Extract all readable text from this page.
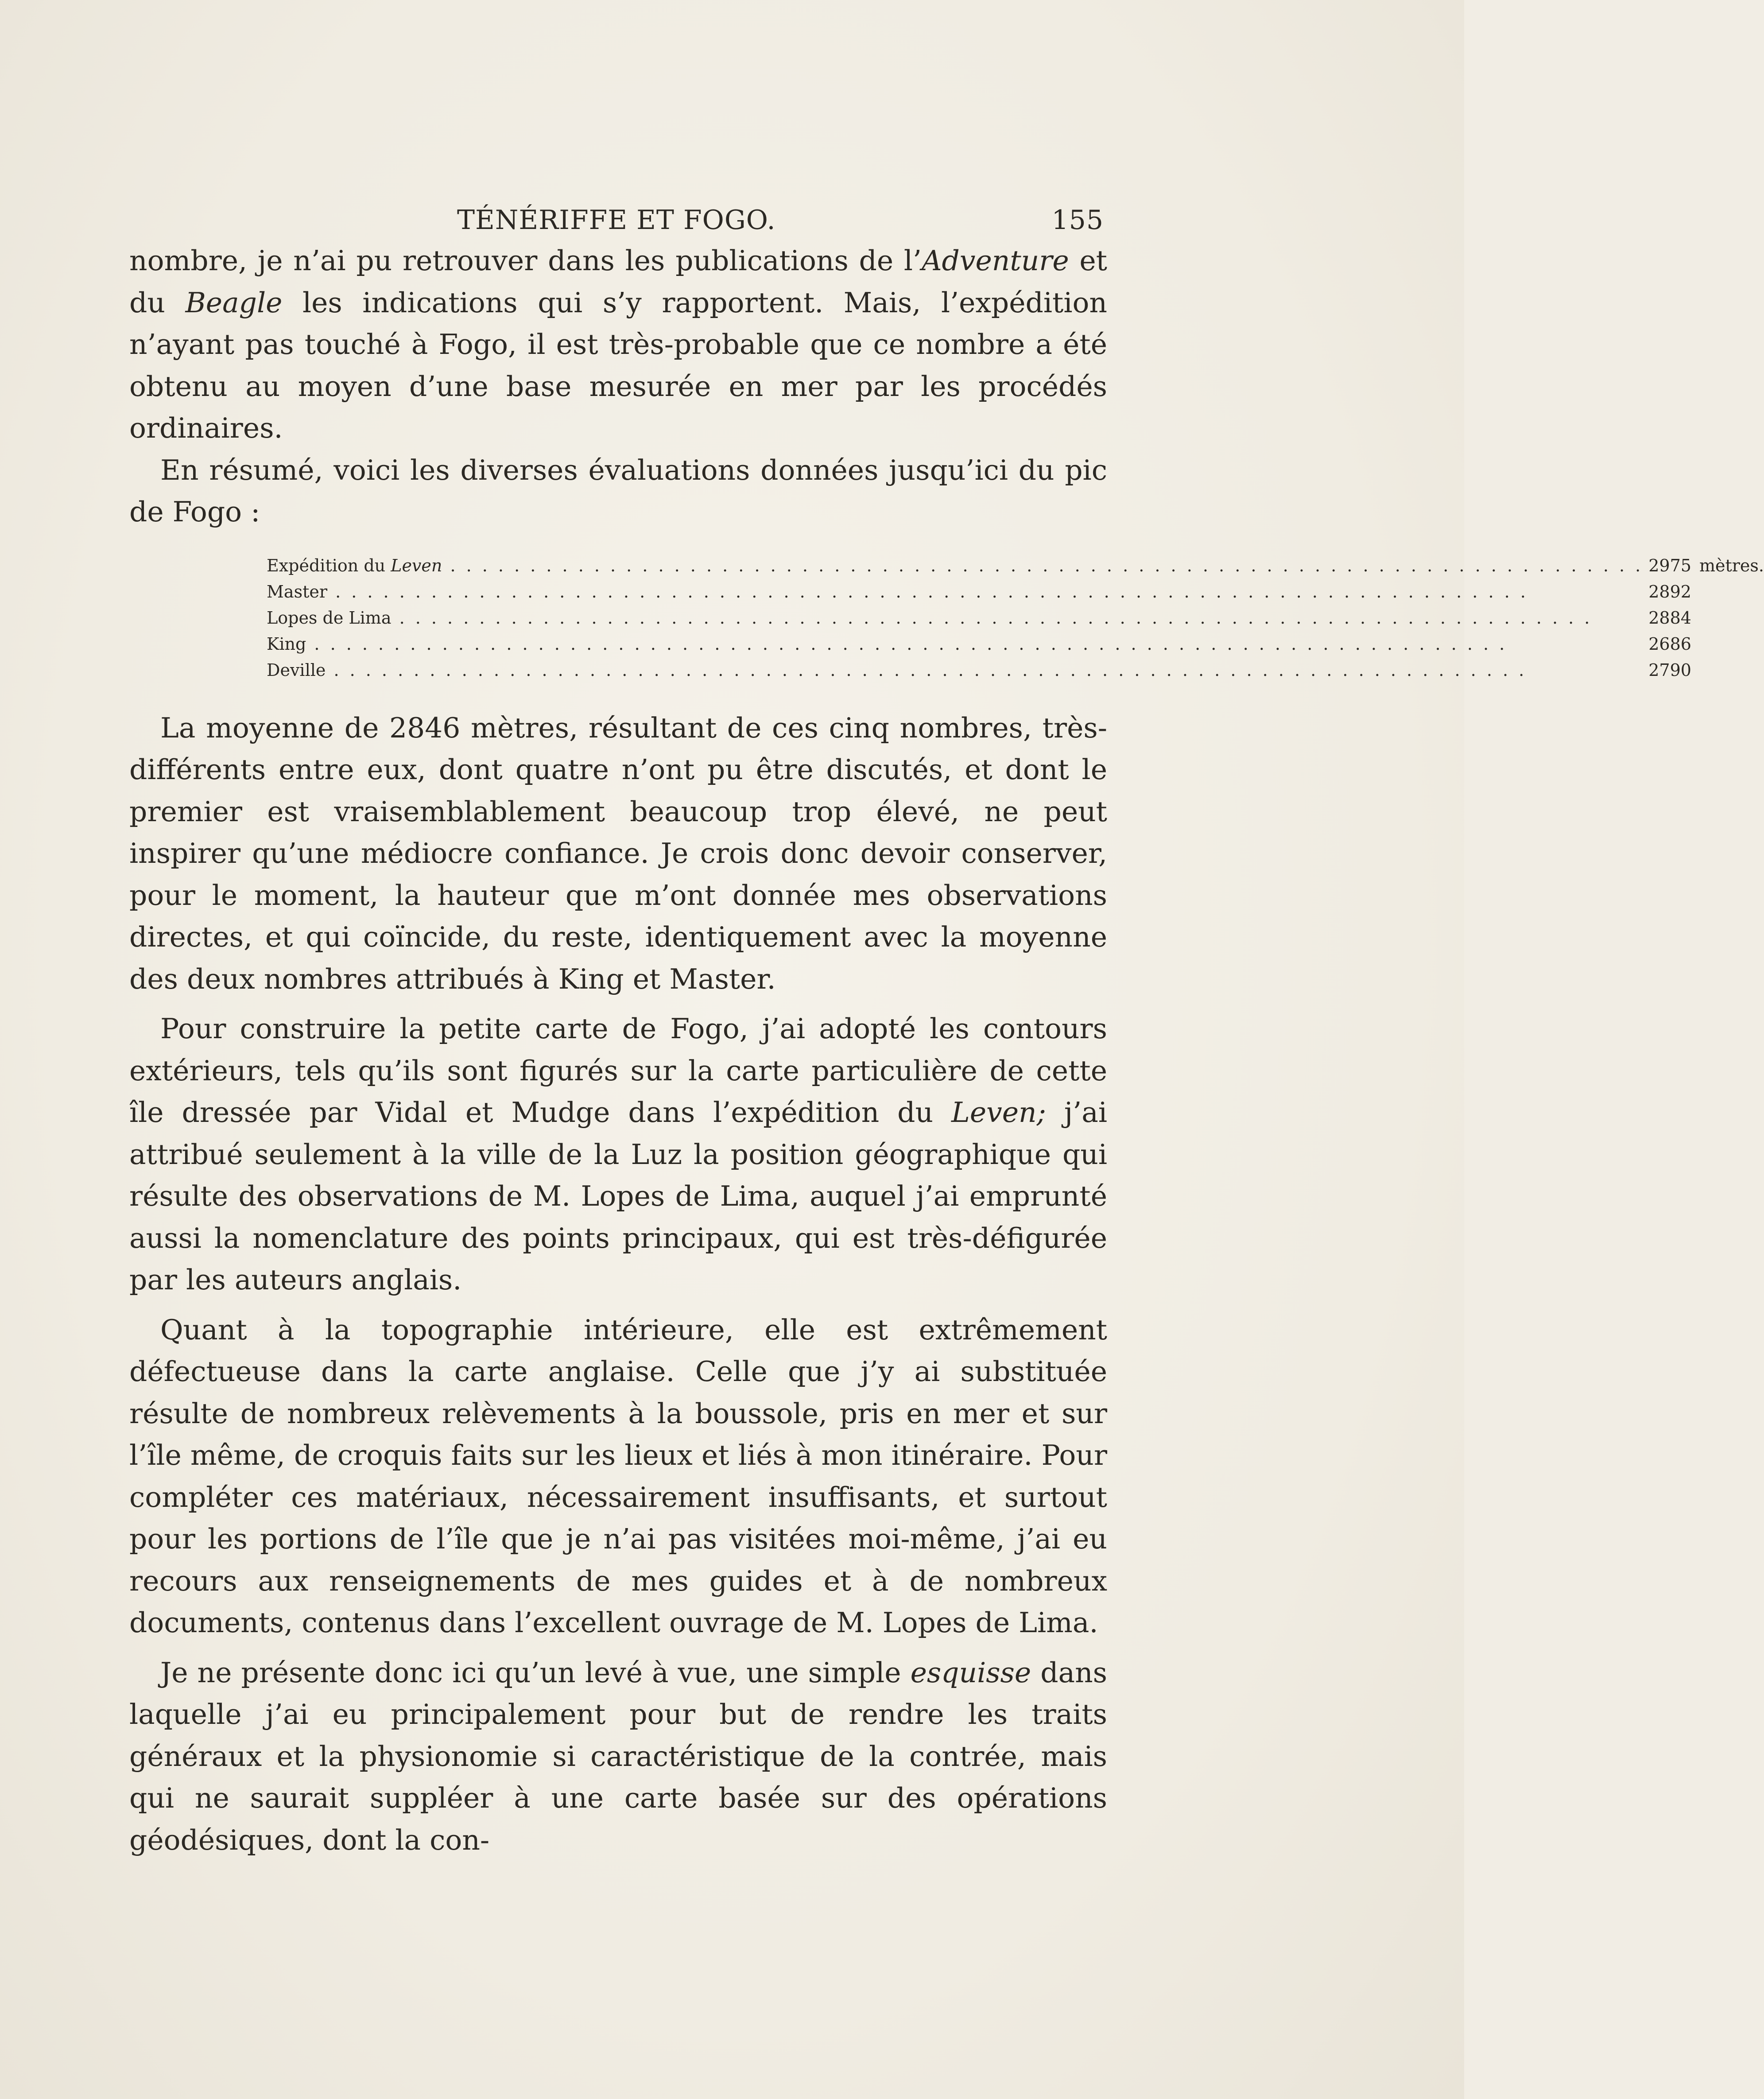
TÉNÉRIFFE ET FOGO.	155

nombre, je n’ai pu retrouver dans les publications de l’Adventure et du Beagle les indications qui s’y rapportent. Mais, l’expédition n’ayant pas touché à Fogo, il est très-probable que ce nombre a été obtenu au moyen d’une base mesurée en mer par les procédés ordinaires.

En résumé, voici les diverses évaluations données jusqu’ici du pic de Fogo :

Expédition du Leven . . .	2975	mètres.
Master . . .	2892	
Lopes de Lima . . .	2884	
King . . .	2686	
Deville . . .	2790	

La moyenne de 2846 mètres, résultant de ces cinq nombres, très-différents entre eux, dont quatre n’ont pu être discutés, et dont le premier est vraisemblablement beaucoup trop élevé, ne peut inspirer qu’une médiocre confiance. Je crois donc devoir conserver, pour le moment, la hauteur que m’ont donnée mes observations directes, et qui coïncide, du reste, identiquement avec la moyenne des deux nombres attribués à King et Master.

Pour construire la petite carte de Fogo, j’ai adopté les contours extérieurs, tels qu’ils sont figurés sur la carte particulière de cette île dressée par Vidal et Mudge dans l’expédition du Leven; j’ai attribué seulement à la ville de la Luz la position géographique qui résulte des observations de M. Lopes de Lima, auquel j’ai emprunté aussi la nomenclature des points principaux, qui est très-défigurée par les auteurs anglais.

Quant à la topographie intérieure, elle est extrêmement défectueuse dans la carte anglaise. Celle que j’y ai substituée résulte de nombreux relèvements à la boussole, pris en mer et sur l’île même, de croquis faits sur les lieux et liés à mon itinéraire. Pour compléter ces matériaux, nécessairement insuffisants, et surtout pour les portions de l’île que je n’ai pas visitées moi-même, j’ai eu recours aux renseignements de mes guides et à de nombreux documents, contenus dans l’excellent ouvrage de M. Lopes de Lima.

Je ne présente donc ici qu’un levé à vue, une simple esquisse dans laquelle j’ai eu principalement pour but de rendre les traits généraux et la physionomie si caractéristique de la contrée, mais qui ne saurait suppléer à une carte basée sur des opérations géodésiques, dont la con-
